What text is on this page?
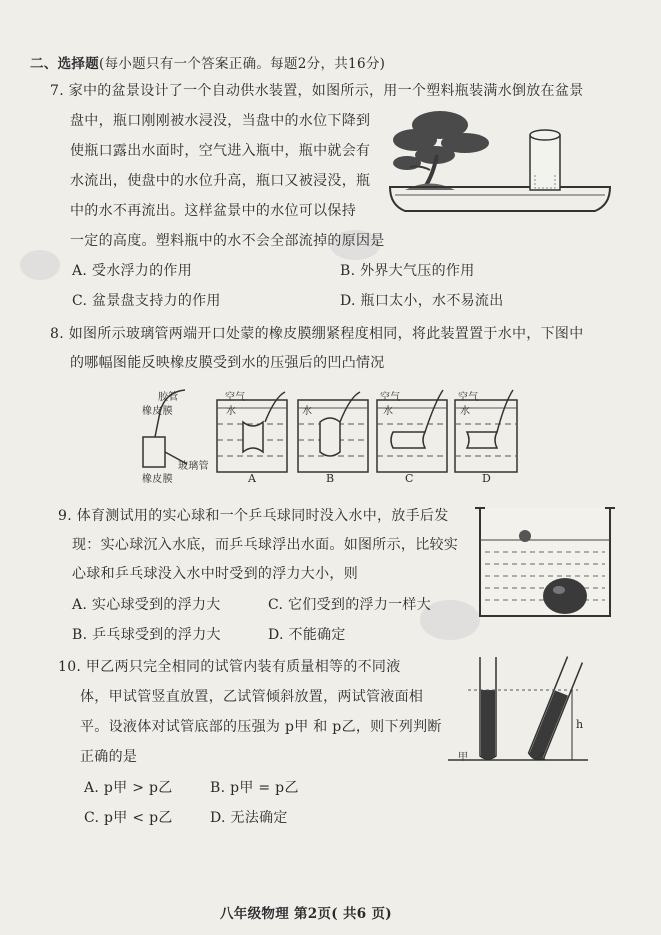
二、选择题(每小题只有一个答案正确。每题2分，共16分)
7. 家中的盆景设计了一个自动供水装置，如图所示，用一个塑料瓶装满水倒放在盆景
盘中，瓶口刚刚被水浸没，当盘中的水位下降到
使瓶口露出水面时，空气进入瓶中，瓶中就会有
水流出，使盘中的水位升高，瓶口又被浸没，瓶
中的水不再流出。这样盆景中的水位可以保持
一定的高度。塑料瓶中的水不会全部流掉的原因是
A. 受水浮力的作用	B. 外界大气压的作用
C. 盆景盘支持力的作用	D. 瓶口太小，水不易流出
8. 如图所示玻璃管两端开口处蒙的橡皮膜绷紧程度相同，将此装置置于水中，下图中
的哪幅图能反映橡皮膜受到水的压强后的凹凸情况
胶管
橡皮膜
玻璃管
橡皮膜
空气
水	水
空气
水
空气
水
A	B	C	D
9. 体育测试用的实心球和一个乒乓球同时没入水中，放手后发
现：实心球沉入水底，而乒乓球浮出水面。如图所示，比较实
心球和乒乓球没入水中时受到的浮力大小，则
A. 实心球受到的浮力大	C. 它们受到的浮力一样大
B. 乒乓球受到的浮力大	D. 不能确定
10. 甲乙两只完全相同的试管内装有质量相等的不同液
体，甲试管竖直放置，乙试管倾斜放置，两试管液面相
平。设液体对试管底部的压强为 p甲 和 p乙，则下列判断
正确的是
A. p甲 > p乙	B. p甲 = p乙
C. p甲 < p乙	D. 无法确定
甲	乙
h
八年级物理 第2页( 共6 页)
